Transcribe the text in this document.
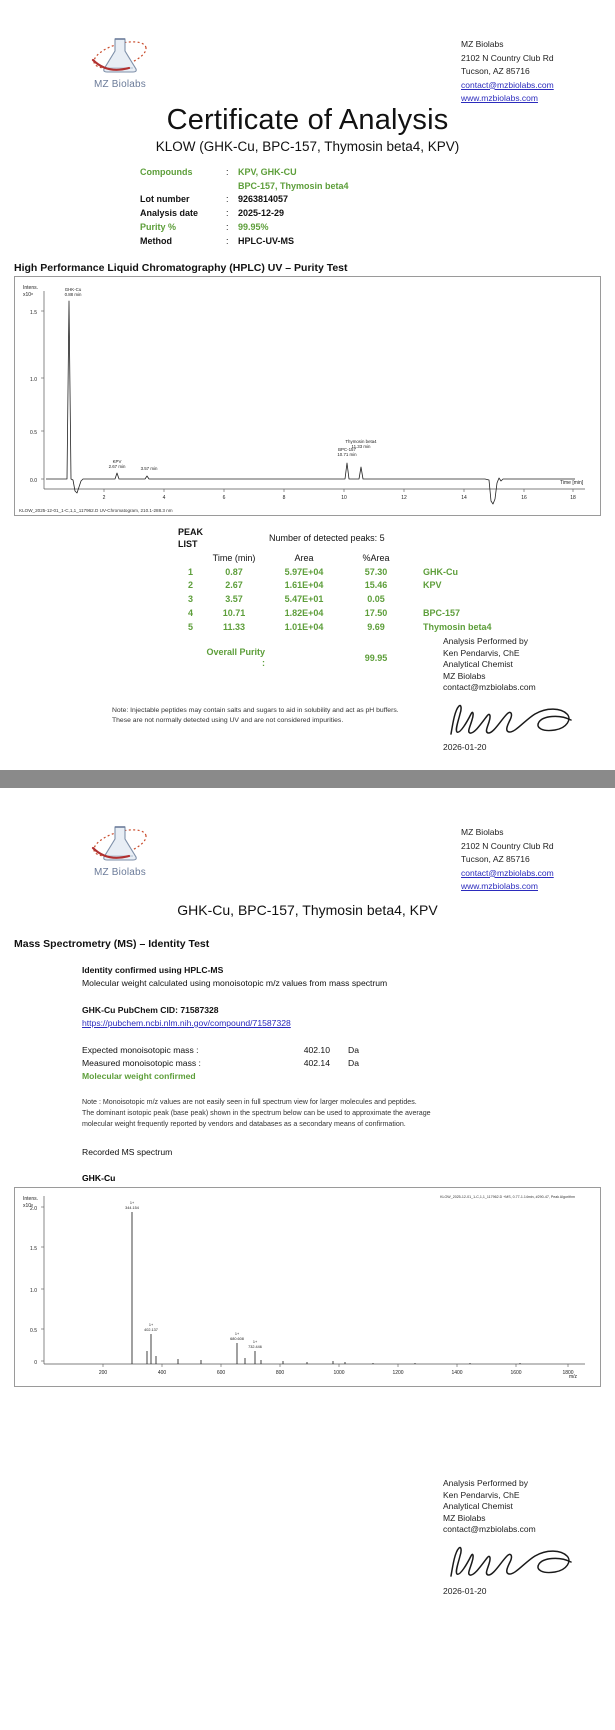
MZ Biolabs
MZ Biolabs
2102 N Country Club Rd
Tucson, AZ 85716
contact@mzbiolabs.com
www.mzbiolabs.com
Certificate of Analysis
KLOW (GHK-Cu, BPC-157, Thymosin beta4, KPV)
Compounds	:	KPV, GHK-CU
		BPC-157, Thymosin beta4
Lot number	:	9263814057
Analysis date	:	2025-12-29
Purity %	:	99.95%
Method	:	HPLC-UV-MS
High Performance Liquid Chromatography (HPLC) UV – Purity Test
Intens.
x10⁸
1.5
1.0
0.5
0.0
2	4	6	8	10	12	14	16	18
Time [min]
GHK-Cu
0.88 min
KPV
2.67 min	3.57 min
BPC-157
10.71 min
Thymosin beta4
11.33 min
KLOW_2025-12-01_1-C,1,1_117962.D UV-Chromatogram, 210.1-288.3 nm
PEAK LIST		Number of detected peaks: 5		
	Time (min)	Area	%Area	
1	0.87	5.97E+04	57.30	GHK-Cu
2	2.67	1.61E+04	15.46	KPV
3	3.57	5.47E+01	0.05	
4	10.71	1.82E+04	17.50	BPC-157
5	11.33	1.01E+04	9.69	Thymosin beta4
	Overall Purity :		99.95	
Analysis Performed by
Ken Pendarvis, ChE
Analytical Chemist
MZ Biolabs
contact@mzbiolabs.com
2026-01-20
Note: Injectable peptides may contain salts and sugars to aid in solubility and act as pH buffers.
These are not normally detected using UV and are not considered impurities.
MZ Biolabs
MZ Biolabs
2102 N Country Club Rd
Tucson, AZ 85716
contact@mzbiolabs.com
www.mzbiolabs.com
GHK-Cu, BPC-157, Thymosin beta4, KPV
Mass Spectrometry (MS) – Identity Test
Identity confirmed using HPLC-MS
Molecular weight calculated using monoisotopic m/z values from mass spectrum
GHK-Cu PubChem CID: 71587328
https://pubchem.ncbi.nlm.nih.gov/compound/71587328
Expected monoisotopic mass :	402.10	Da
Measured monoisotopic mass :	402.14	Da
Molecular weight confirmed
Note : Monoisotopic m/z values are not easily seen in full spectrum view for larger molecules and peptides.
The dominant isotopic peak (base peak) shown in the spectrum below can be used to approximate the average
molecular weight frequently reported by vendors and databases as a secondary means of confirmation.
Recorded MS spectrum
GHK-Cu
Intens.
x10⁸
KLOW_2025-12-01_1-C,1,1_117962.D +MS, 0.77-1.14min, #290-47, Peak Algorithm
2.0
1.5
1.0
0.5
0
200	400	600	800	1000	1200	1400	1600	1800
m/z
1+
344.154
1+
402.137
1+
680.608
1+
732.446
Analysis Performed by
Ken Pendarvis, ChE
Analytical Chemist
MZ Biolabs
contact@mzbiolabs.com
2026-01-20
